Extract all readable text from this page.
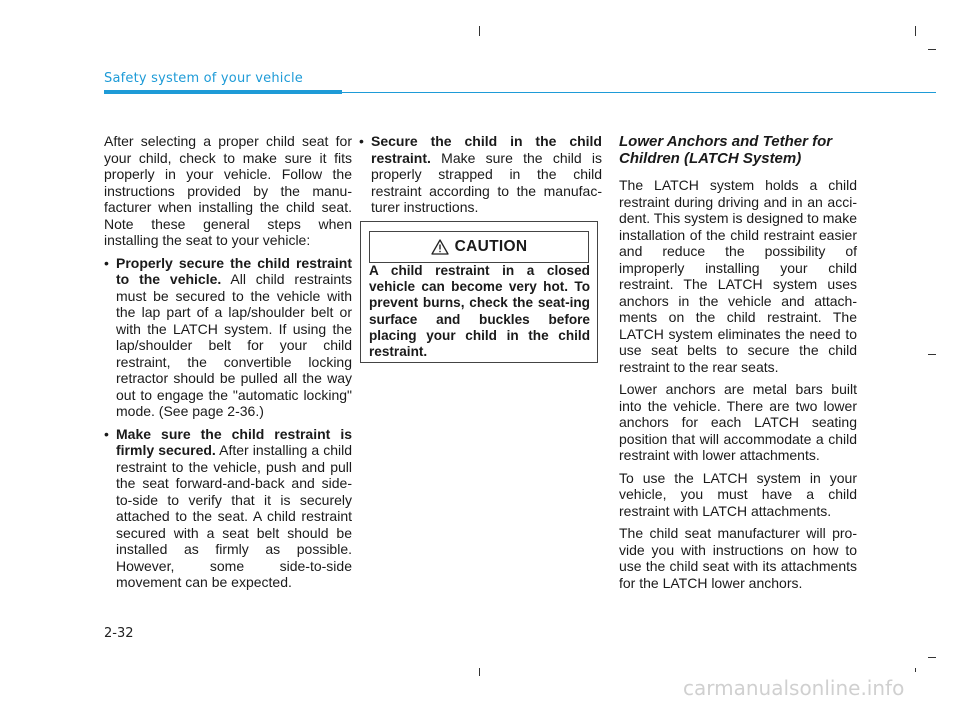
Safety system of your vehicle

After selecting a proper child seat for your child, check to make sure it fits properly in your vehicle. Follow the instructions provided by the manu-facturer when installing the child seat. Note these general steps when installing the seat to your vehicle:

• Properly secure the child restraint to the vehicle. All child restraints must be secured to the vehicle with the lap part of a lap/shoulder belt or with the LATCH system. If using the lap/shoulder belt for your child restraint, the convertible locking retractor should be pulled all the way out to engage the "automatic locking" mode. (See page 2-36.)
• Make sure the child restraint is firmly secured. After installing a child restraint to the vehicle, push and pull the seat forward-and-back and side-to-side to verify that it is securely attached to the seat. A child restraint secured with a seat belt should be installed as firmly as possible. However, some side-to-side movement can be expected.
• Secure the child in the child restraint. Make sure the child is properly strapped in the child restraint according to the manufac-turer instructions.
CAUTION
A child restraint in a closed vehicle can become very hot. To prevent burns, check the seat-ing surface and buckles before placing your child in the child restraint.
Lower Anchors and Tether for Children (LATCH System)

The LATCH system holds a child restraint during driving and in an acci-dent. This system is designed to make installation of the child restraint easier and reduce the possibility of improperly installing your child restraint. The LATCH system uses anchors in the vehicle and attach-ments on the child restraint. The LATCH system eliminates the need to use seat belts to secure the child restraint to the rear seats.

Lower anchors are metal bars built into the vehicle. There are two lower anchors for each LATCH seating position that will accommodate a child restraint with lower attachments.

To use the LATCH system in your vehicle, you must have a child restraint with LATCH attachments.

The child seat manufacturer will pro-vide you with instructions on how to use the child seat with its attachments for the LATCH lower anchors.

2-32
carmanualsonline.info
